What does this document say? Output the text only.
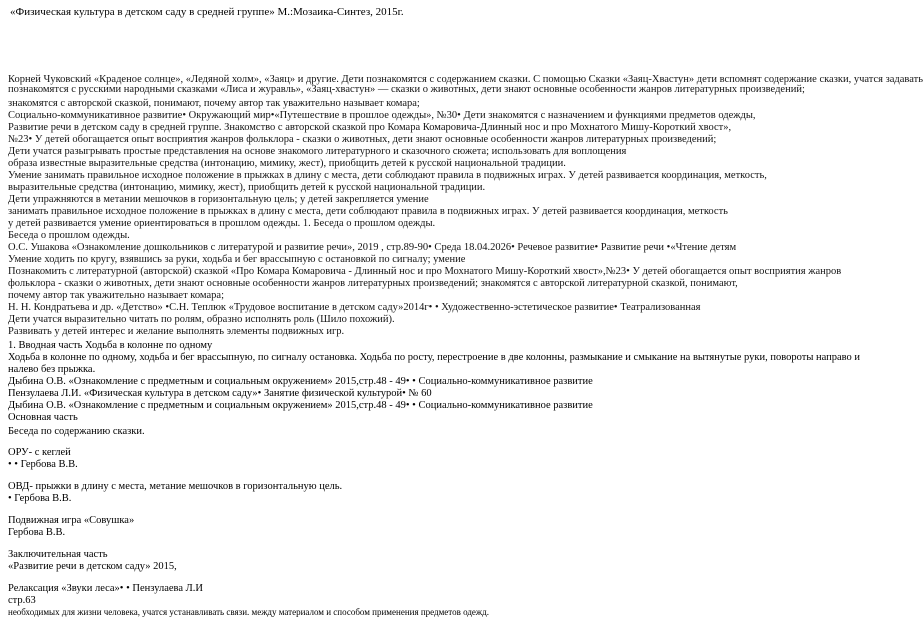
«Физическая культура в детском саду в средней группе» М.:Мозаика-Синтез, 2015г.
Корней Чуковский «Краденое солнце», «Ледяной холм», «Заяц» и другие. Дети познакомятся с содержанием сказки. С помощью Сказки «Заяц-Хвастун» дети вспомнят содержание сказки, учатся задавать
познакомятся с русскими народными сказками «Лиса и журавль», «Заяц-хвастун» — сказки о животных, дети знают основные особенности жанров литературных произведений;
знакомятся с авторской сказкой, понимают, почему автор так уважительно называет комара;
Социально-коммуникативное развитие• Окружающий мир•«Путешествие в прошлое одежды», №30• Дети знакомятся с назначением и функциями предметов одежды,
Развитие речи в детском саду в средней группе. Знакомство с авторской сказкой про Комара Комаровича-Длинный нос и про Мохнатого Мишу-Короткий хвост»,
№23• У детей обогащается опыт восприятия жанров фольклора - сказки о животных, дети знают основные особенности жанров литературных произведений;
Дети учатся разыгрывать простые представления на основе знакомого литературного и сказочного сюжета; использовать для воплощения
образа известные выразительные средства (интонацию, мимику, жест), приобщить детей к русской национальной традиции.
Умение занимать правильное исходное положение в прыжках в длину с места, дети соблюдают правила в подвижных играх. У детей развивается координация, меткость,
выразительные средства (интонацию, мимику, жест), приобщить детей к русской национальной традиции.
Дети упражняются в метании мешочков в горизонтальную цель; у детей закрепляется умение
занимать правильное исходное положение в прыжках в длину с места, дети соблюдают правила в подвижных играх. У детей развивается координация, меткость
у детей развивается умение ориентироваться в прошлом одежды. 1. Беседа о прошлом одежды.
Беседа о прошлом одежды.
О.С. Ушакова «Ознакомление дошкольников с литературой и развитие речи», 2019 , стр.89-90• Среда 18.04.2026• Речевое развитие• Развитие речи •«Чтение детям
Умение ходить по кругу, взявшись за руки, ходьба и бег врассыпную с остановкой по сигналу; умение
Познакомить с литературной (авторской) сказкой «Про Комара Комаровича - Длинный нос и про Мохнатого Мишу-Короткий хвост»,№23• У детей обогащается опыт восприятия жанров
фольклора - сказки о животных, дети знают основные особенности жанров литературных произведений; знакомятся с авторской литературной сказкой, понимают,
почему автор так уважительно называет комара;
Н. Н. Кондратьева и др. «Детство» •С.Н. Теплюк «Трудовое воспитание в детском саду»2014г• • Художественно-эстетическое развитие• Театрализованная
Дети учатся выразительно читать по ролям, образно исполнять роль (Шило похожий).
Развивать у детей интерес и желание выполнять элементы подвижных игр.
1. Вводная часть Ходьба в колонне по одному
Ходьба в колонне по одному, ходьба и бег врассыпную, по сигналу остановка. Ходьба по росту, перестроение в две колонны, размыкание и смыкание на вытянутые руки, повороты направо и
налево без прыжка.
Дыбина О.В. «Ознакомление с предметным и социальным окружением» 2015,стр.48 - 49• • Социально-коммуникативное развитие
Пензулаева Л.И. «Физическая культура в детском саду»• Занятие физической культурой• № 60
Дыбина О.В. «Ознакомление с предметным и социальным окружением» 2015,стр.48 - 49• • Социально-коммуникативное развитие
Основная часть
Беседа по содержанию сказки.
ОРУ- с кеглей
• • Гербова В.В.
ОВД- прыжки в длину с места, метание мешочков в горизонтальную цель.
• Гербова В.В.
Подвижная игра «Совушка»
Гербова В.В.
Заключительная часть
«Развитие речи в детском саду» 2015,
Релаксация «Звуки леса»• • Пензулаева Л.И
стр.63
необходимых для жизни человека, учатся устанавливать связи. между материалом и способом применения предметов одежд.
